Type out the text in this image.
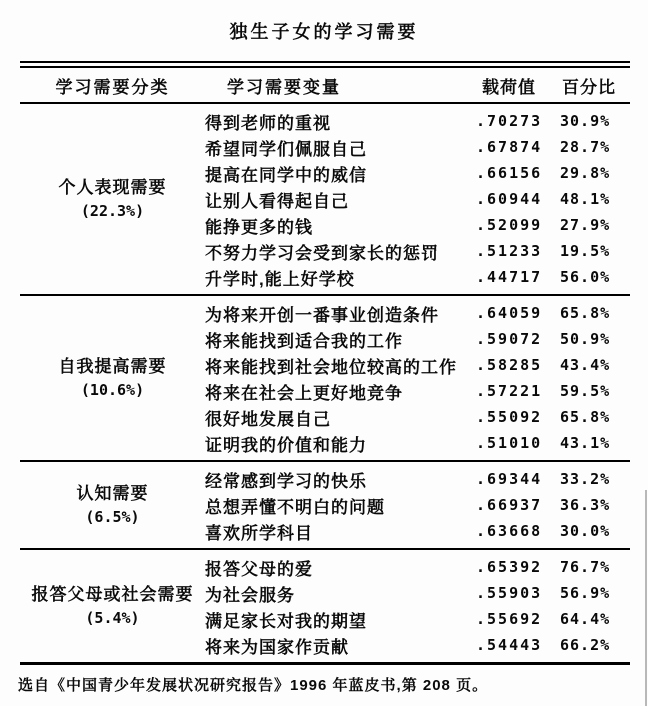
独生子女的学习需要
学习需要分类	学习需要变量	载荷值	百分比
个人表现需要
(22.3%)
得到老师的重视	.70273	30.9%
希望同学们佩服自己	.67874	28.7%
提高在同学中的威信	.66156	29.8%
让别人看得起自己	.60944	48.1%
能挣更多的钱	.52099	27.9%
不努力学习会受到家长的惩罚	.51233	19.5%
升学时,能上好学校	.44717	56.0%
自我提高需要
(10.6%)
为将来开创一番事业创造条件	.64059	65.8%
将来能找到适合我的工作	.59072	50.9%
将来能找到社会地位较高的工作	.58285	43.4%
将来在社会上更好地竞争	.57221	59.5%
很好地发展自己	.55092	65.8%
证明我的价值和能力	.51010	43.1%
认知需要
(6.5%)
经常感到学习的快乐	.69344	33.2%
总想弄懂不明白的问题	.66937	36.3%
喜欢所学科目	.63668	30.0%
报答父母或社会需要
(5.4%)
报答父母的爱	.65392	76.7%
为社会服务	.55903	56.9%
满足家长对我的期望	.55692	64.4%
将来为国家作贡献	.54443	66.2%
选自《中国青少年发展状况研究报告》1996 年蓝皮书,第 208 页。
